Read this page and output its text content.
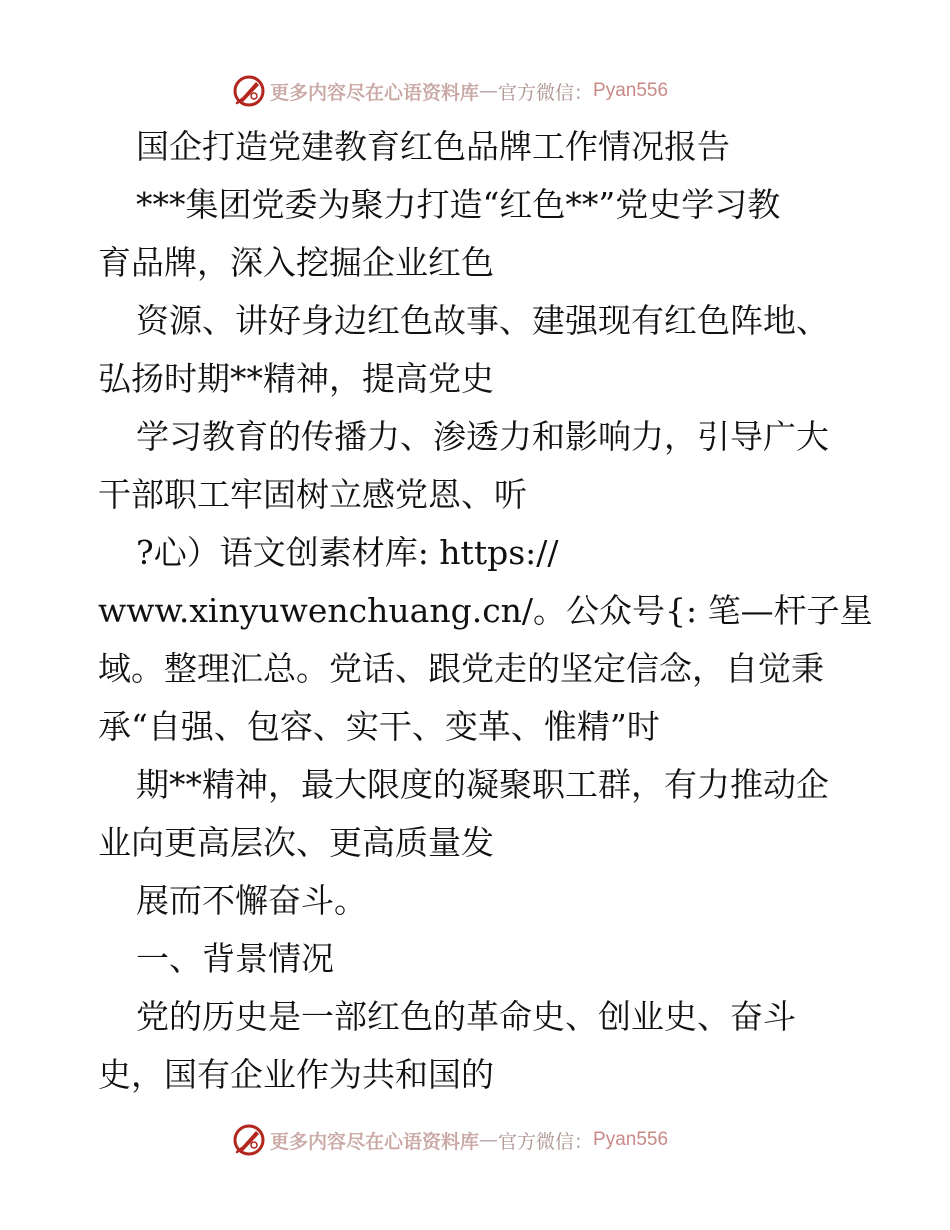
更多内容尽在心语资料库 — 官方微信 ： Pyan556
国企打造党建教育红色品牌工作情况报告
***集团党委为聚力打造“红色**”党史学习教
育品牌，深入挖掘企业红色
资源、讲好身边红色故事、建强现有红色阵地、
弘扬时期**精神，提高党史
学习教育的传播力、渗透力和影响力，引导广大
干部职工牢固树立感党恩、听
?心）语文创素材库: https://
www.xinyuwenchuang.cn/。公众号{: 笔—杆子星
域。整理汇总。党话、跟党走的坚定信念，自觉秉
承“自强、包容、实干、变革、惟精”时
期**精神，最大限度的凝聚职工群，有力推动企
业向更高层次、更高质量发
展而不懈奋斗。
一、背景情况
党的历史是一部红色的革命史、创业史、奋斗
史，国有企业作为共和国的
更多内容尽在心语资料库 — 官方微信 ： Pyan556
